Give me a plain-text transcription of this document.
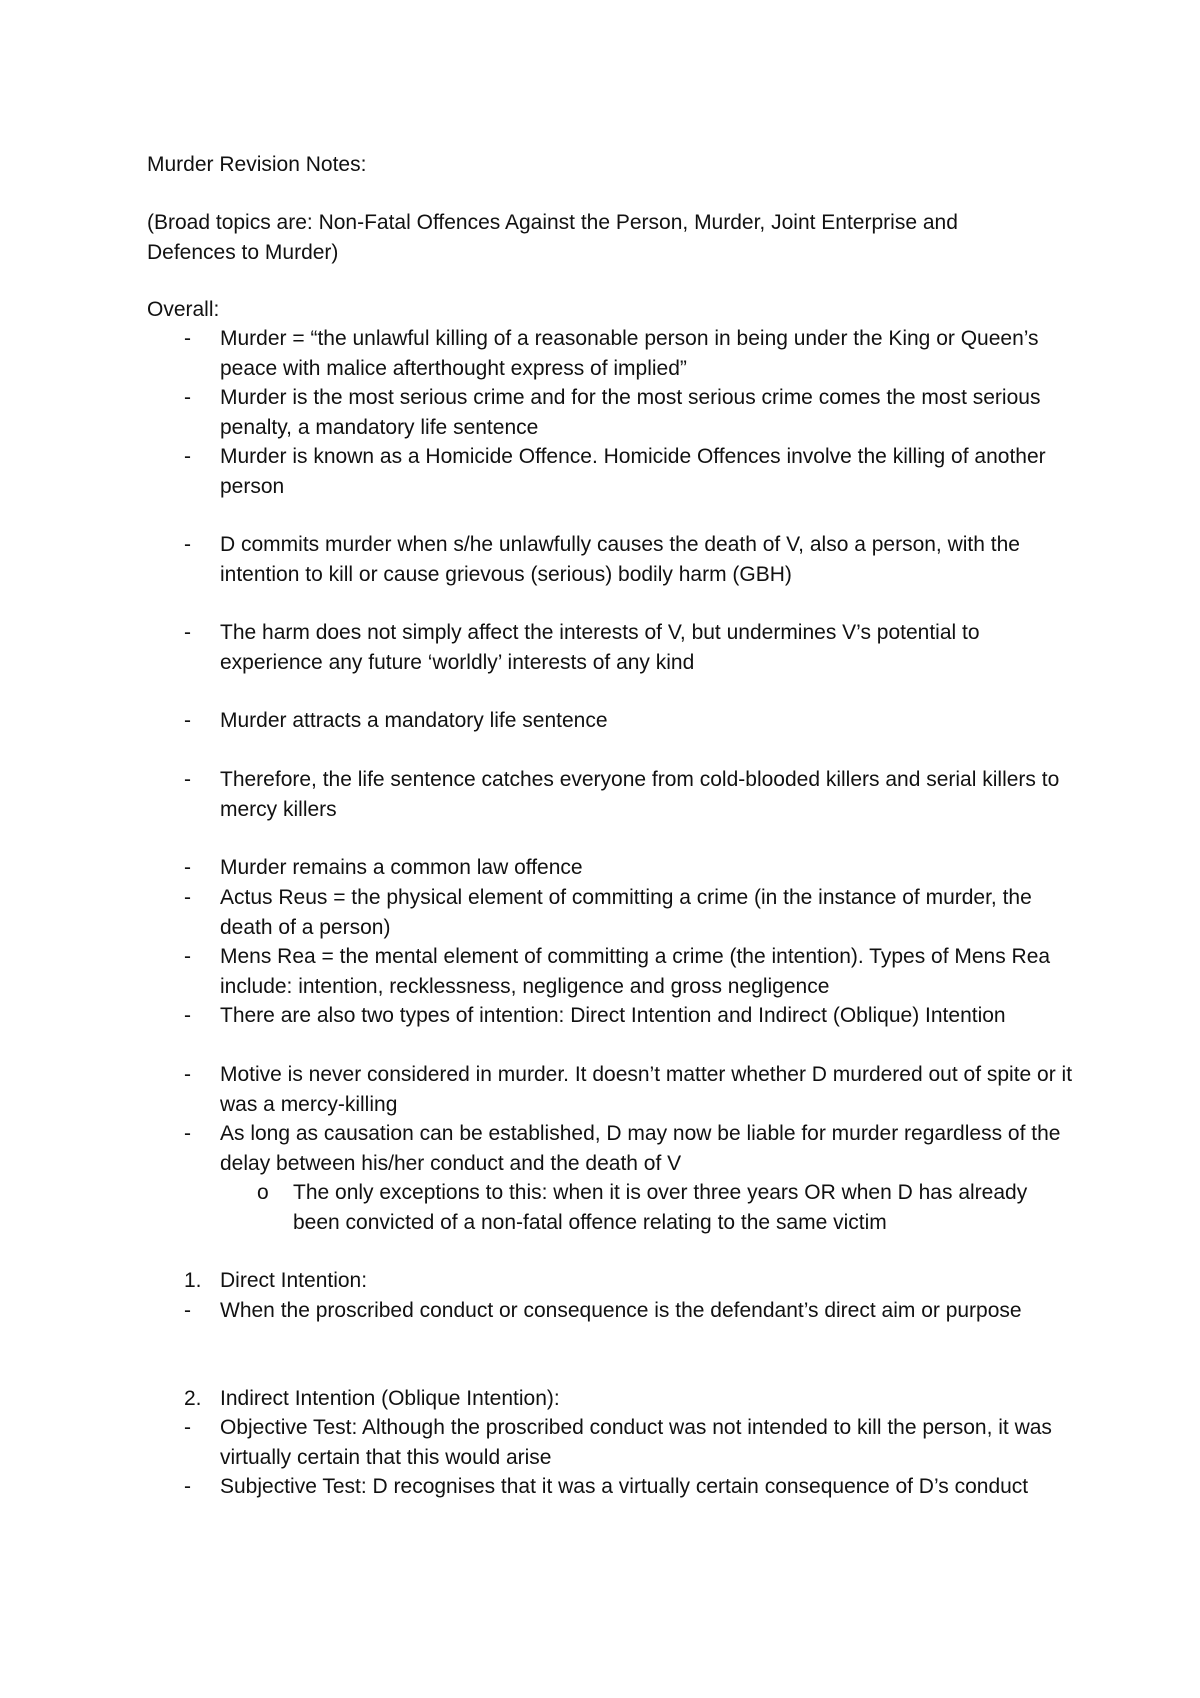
Murder Revision Notes:
(Broad topics are: Non-Fatal Offences Against the Person, Murder, Joint Enterprise and Defences to Murder)
Overall:
-	Murder = “the unlawful killing of a reasonable person in being under the King or Queen’s peace with malice afterthought express of implied”
-	Murder is the most serious crime and for the most serious crime comes the most serious penalty, a mandatory life sentence
-	Murder is known as a Homicide Offence. Homicide Offences involve the killing of another person
-	D commits murder when s/he unlawfully causes the death of V, also a person, with the intention to kill or cause grievous (serious) bodily harm (GBH)
-	The harm does not simply affect the interests of V, but undermines V’s potential to experience any future ‘worldly’ interests of any kind
-	Murder attracts a mandatory life sentence
-	Therefore, the life sentence catches everyone from cold-blooded killers and serial killers to mercy killers
-	Murder remains a common law offence
-	Actus Reus = the physical element of committing a crime (in the instance of murder, the death of a person)
-	Mens Rea = the mental element of committing a crime (the intention). Types of Mens Rea include: intention, recklessness, negligence and gross negligence
-	There are also two types of intention: Direct Intention and Indirect (Oblique) Intention
-	Motive is never considered in murder. It doesn’t matter whether D murdered out of spite or it was a mercy-killing
-	As long as causation can be established, D may now be liable for murder regardless of the delay between his/her conduct and the death of V
o	The only exceptions to this: when it is over three years OR when D has already been convicted of a non-fatal offence relating to the same victim
1. Direct Intention:
-	When the proscribed conduct or consequence is the defendant’s direct aim or purpose
2. Indirect Intention (Oblique Intention):
-	Objective Test: Although the proscribed conduct was not intended to kill the person, it was virtually certain that this would arise
-	Subjective Test: D recognises that it was a virtually certain consequence of D’s conduct
